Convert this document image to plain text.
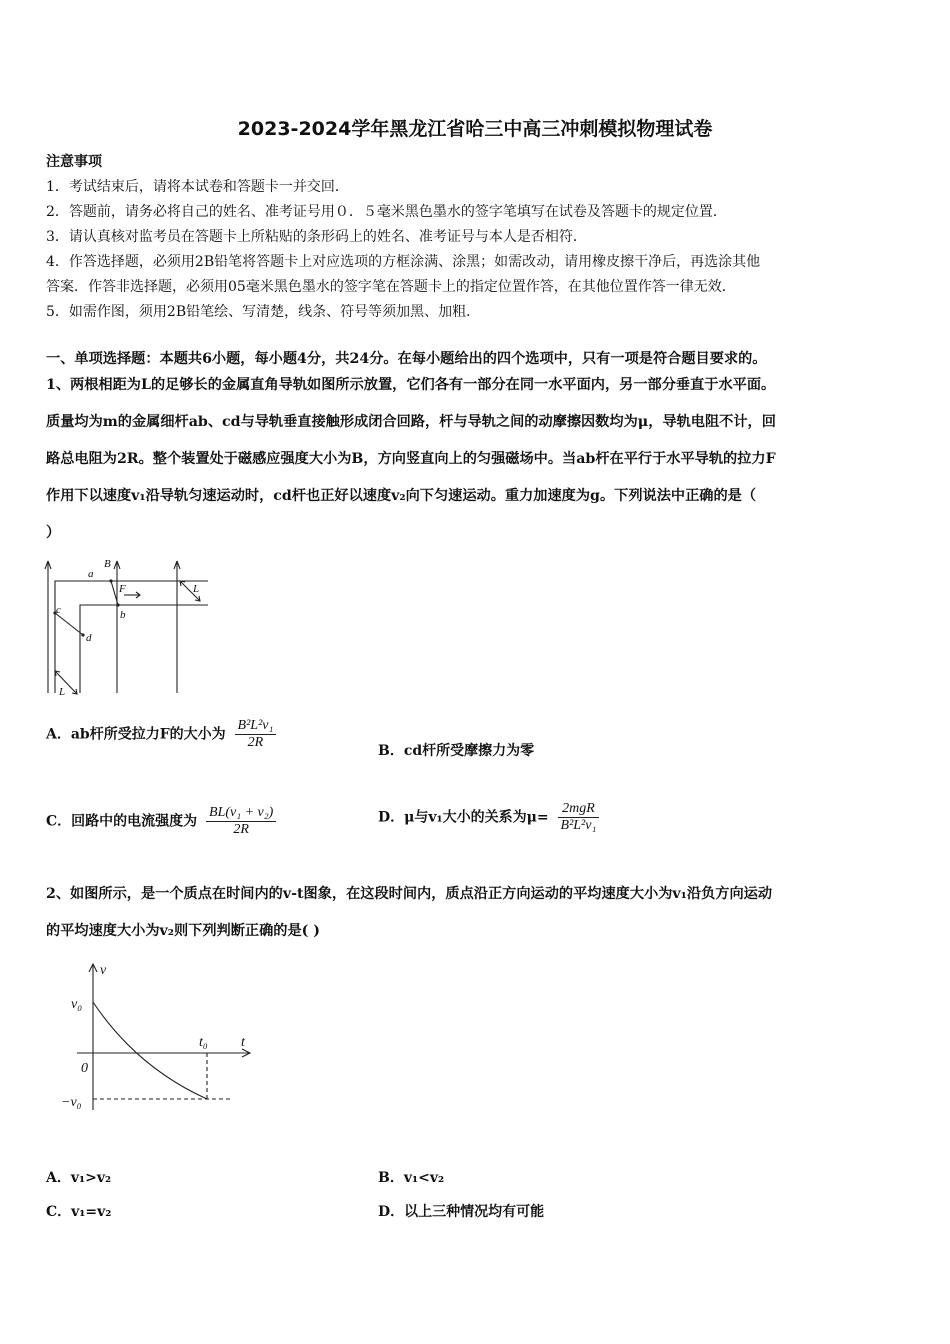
2023-2024学年黑龙江省哈三中高三冲刺模拟物理试卷
注意事项
1．考试结束后，请将本试卷和答题卡一并交回．
2．答题前，请务必将自己的姓名、准考证号用０．５毫米黑色墨水的签字笔填写在试卷及答题卡的规定位置．
3．请认真核对监考员在答题卡上所粘贴的条形码上的姓名、准考证号与本人是否相符．
4．作答选择题，必须用2B铅笔将答题卡上对应选项的方框涂满、涂黑；如需改动，请用橡皮擦干净后，再选涂其他
答案．作答非选择题，必须用05毫米黑色墨水的签字笔在答题卡上的指定位置作答，在其他位置作答一律无效．
5．如需作图，须用2B铅笔绘、写清楚，线条、符号等须加黑、加粗．
一、单项选择题：本题共6小题，每小题4分，共24分。在每小题给出的四个选项中，只有一项是符合题目要求的。
1、两根相距为L的足够长的金属直角导轨如图所示放置，它们各有一部分在同一水平面内，另一部分垂直于水平面。
质量均为m的金属细杆ab、cd与导轨垂直接触形成闭合回路，杆与导轨之间的动摩擦因数均为μ，导轨电阻不计，回
路总电阻为2R。整个装置处于磁感应强度大小为B，方向竖直向上的匀强磁场中。当ab杆在平行于水平导轨的拉力F
作用下以速度v₁沿导轨匀速运动时，cd杆也正好以速度v₂向下匀速运动。重力加速度为g。下列说法中正确的是（
）
B
a
F
b
c
d
L
L
A．ab杆所受拉力F的大小为 $\frac{\text{B²L²v₁}}{2R}$	B．cd杆所受摩擦力为零
C．回路中的电流强度为 $\frac{\text{BL(v₁ + v₂)}}{2R}$	D．μ与v₁大小的关系为$\mu= \frac{\text{2mgR}}{\text{B²L²v₁}}$
2、如图所示，是一个质点在时间内的v-t图象，在这段时间内，质点沿正方向运动的平均速度大小为v₁沿负方向运动
的平均速度大小为v₂则下列判断正确的是( )
v
t
v₀
0
t₀
−v₀
A．v₁>v₂	B．v₁<v₂
C．v₁=v₂	D．以上三种情况均有可能
